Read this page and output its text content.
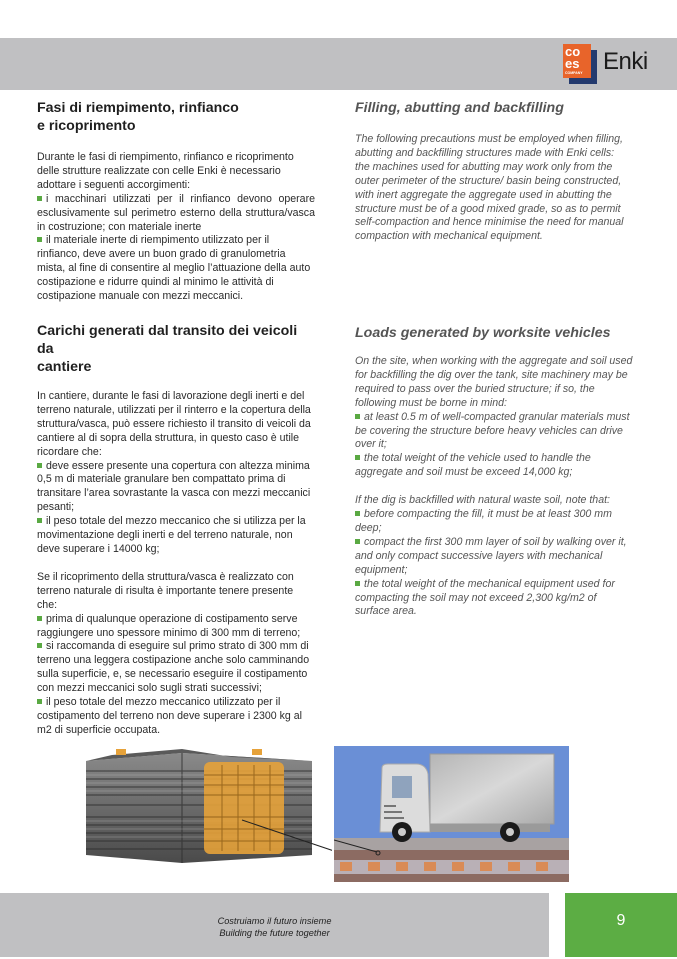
co
es
COMPANY Enki
Fasi di riempimento, rinfianco
e ricoprimento

Durante le fasi di riempimento, rinfianco e ricoprimento delle strutture realizzate con celle Enki è necessario adottare i seguenti accorgimenti:

i macchinari utilizzati per il rinfianco devono operare esclusivamente sul perimetro esterno della struttura/vasca in costruzione; con materiale inerte

il materiale inerte di riempimento utilizzato per il rinfianco, deve avere un buon grado di granulometria mista, al fine di consentire al meglio l’attuazione della auto costipazione e ridurre quindi al minimo le attività di costipazione manuale con mezzi meccanici.

Carichi generati dal transito dei veicoli da
cantiere

In cantiere, durante le fasi di lavorazione degli inerti e del terreno naturale, utilizzati per il rinterro e la copertura della struttura/vasca, può essere richiesto il transito di veicoli da cantiere al di sopra della struttura, in questo caso è utile ricordare che:

deve essere presente una copertura con altezza minima 0,5 m di materiale granulare ben compattato prima di transitare l’area sovrastante la vasca con mezzi meccanici pesanti;

il peso totale del mezzo meccanico che si utilizza per la movimentazione degli inerti e del terreno naturale, non deve superare i 14000 kg;

Se il ricoprimento della struttura/vasca è realizzato con terreno naturale di risulta è importante tenere presente che:

prima di qualunque operazione di costipamento serve raggiungere uno spessore minimo di 300 mm di terreno;

si raccomanda di eseguire sul primo strato di 300 mm di terreno una leggera costipazione anche solo camminando sulla superficie, e, se necessario eseguire il costipamento con mezzi meccanici solo sugli strati successivi;

il peso totale del mezzo meccanico utilizzato per il costipamento del terreno non deve superare i 2300 kg al m2 di superficie occupata.

Filling, abutting and backfilling

The following precautions must be employed when filling, abutting and backfilling structures made with Enki cells:

the machines used for abutting may work only from the outer perimeter of the structure/ basin being constructed, with inert aggregate the aggregate used in abutting the structure must be of a good mixed grade, so as to permit self-compaction and hence minimise the need for manual compaction with mechanical equipment.

Loads generated by worksite vehicles

On the site, when working with the aggregate and soil used for backfilling the dig over the tank, site machinery may be required to pass over the buried structure; if so, the following must be borne in mind:

at least 0.5 m of well-compacted granular materials must be covering the structure before heavy vehicles can drive over it;

the total weight of the vehicle used to handle the aggregate and soil must be exceed 14,000 kg;

If the dig is backfilled with natural waste soil, note that:

before compacting the fill, it must be at least 300 mm deep;

compact the first 300 mm layer of soil by walking over it, and only compact successive layers with mechanical equipment;

the total weight of the mechanical equipment used for compacting the soil may not exceed 2,300 kg/m2 of surface area.

Costruiamo il futuro insieme
Building the future together
9
